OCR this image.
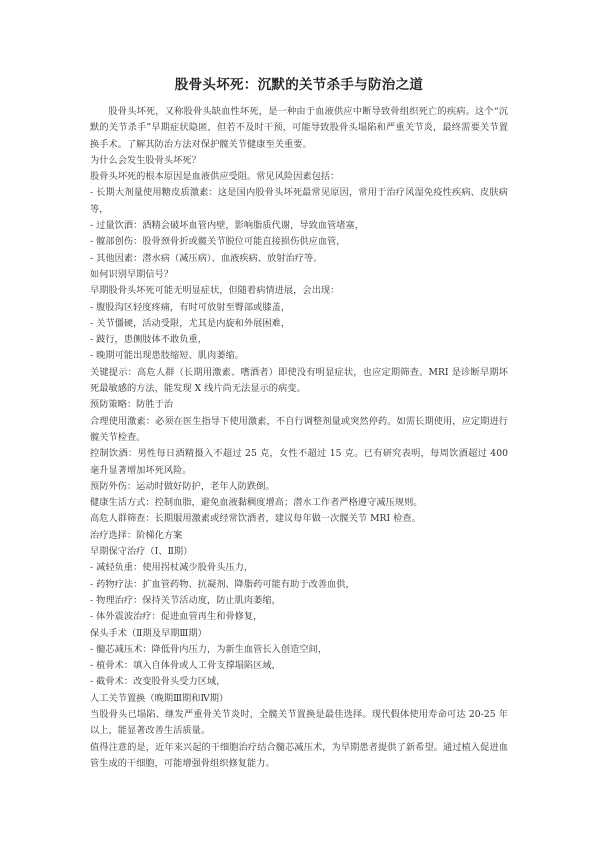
股骨头坏死：沉默的关节杀手与防治之道

股骨头坏死，又称股骨头缺血性坏死，是一种由于血液供应中断导致骨组织死亡的疾病。这个“沉默的关节杀手”早期症状隐匿，但若不及时干预，可能导致股骨头塌陷和严重关节炎，最终需要关节置换手术。了解其防治方法对保护髋关节健康至关重要。

为什么会发生股骨头坏死？

股骨头坏死的根本原因是血液供应受阻。常见风险因素包括：

- 长期大剂量使用糖皮质激素：这是国内股骨头坏死最常见原因，常用于治疗风湿免疫性疾病、皮肤病等，

- 过量饮酒：酒精会破坏血管内壁，影响脂质代谢，导致血管堵塞，

- 髋部创伤：股骨颈骨折或髋关节脱位可能直接损伤供应血管，

- 其他因素：潜水病（减压病）、血液疾病、放射治疗等。

如何识别早期信号？

早期股骨头坏死可能无明显症状，但随着病情进展，会出现：

- 腹股沟区轻度疼痛，有时可放射至臀部或膝盖，

- 关节僵硬，活动受限，尤其是内旋和外展困难，

- 跛行，患侧肢体不敢负重，

- 晚期可能出现患肢缩短、肌肉萎缩。

关键提示：高危人群（长期用激素、嗜酒者）即使没有明显症状，也应定期筛查。MRI 是诊断早期坏死最敏感的方法，能发现 X 线片尚无法显示的病变。

预防策略：防胜于治

合理使用激素：必须在医生指导下使用激素，不自行调整剂量或突然停药。如需长期使用，应定期进行髋关节检查。

控制饮酒：男性每日酒精摄入不超过 25 克，女性不超过 15 克。已有研究表明，每周饮酒超过 400 毫升显著增加坏死风险。

预防外伤：运动时做好防护，老年人防跌倒。

健康生活方式：控制血脂，避免血液黏稠度增高；潜水工作者严格遵守减压规则。

高危人群筛查：长期服用激素或经常饮酒者，建议每年做一次髋关节 MRI 检查。

治疗选择：阶梯化方案

早期保守治疗（Ⅰ、Ⅱ期）

- 减轻负重：使用拐杖减少股骨头压力，

- 药物疗法：扩血管药物、抗凝剂、降脂药可能有助于改善血供，

- 物理治疗：保持关节活动度，防止肌肉萎缩，

- 体外震波治疗：促进血管再生和骨修复，

保头手术（Ⅱ期及早期Ⅲ期）

- 髓芯减压术：降低骨内压力，为新生血管长入创造空间，

- 植骨术：填入自体骨或人工骨支撑塌陷区域，

- 截骨术：改变股骨头受力区域，

人工关节置换（晚期Ⅲ期和Ⅳ期）

当股骨头已塌陷、继发严重骨关节炎时，全髋关节置换是最佳选择。现代假体使用寿命可达 20-25 年以上，能显著改善生活质量。

值得注意的是，近年来兴起的干细胞治疗结合髓芯减压术，为早期患者提供了新希望。通过植入促进血管生成的干细胞，可能增强骨组织修复能力。
